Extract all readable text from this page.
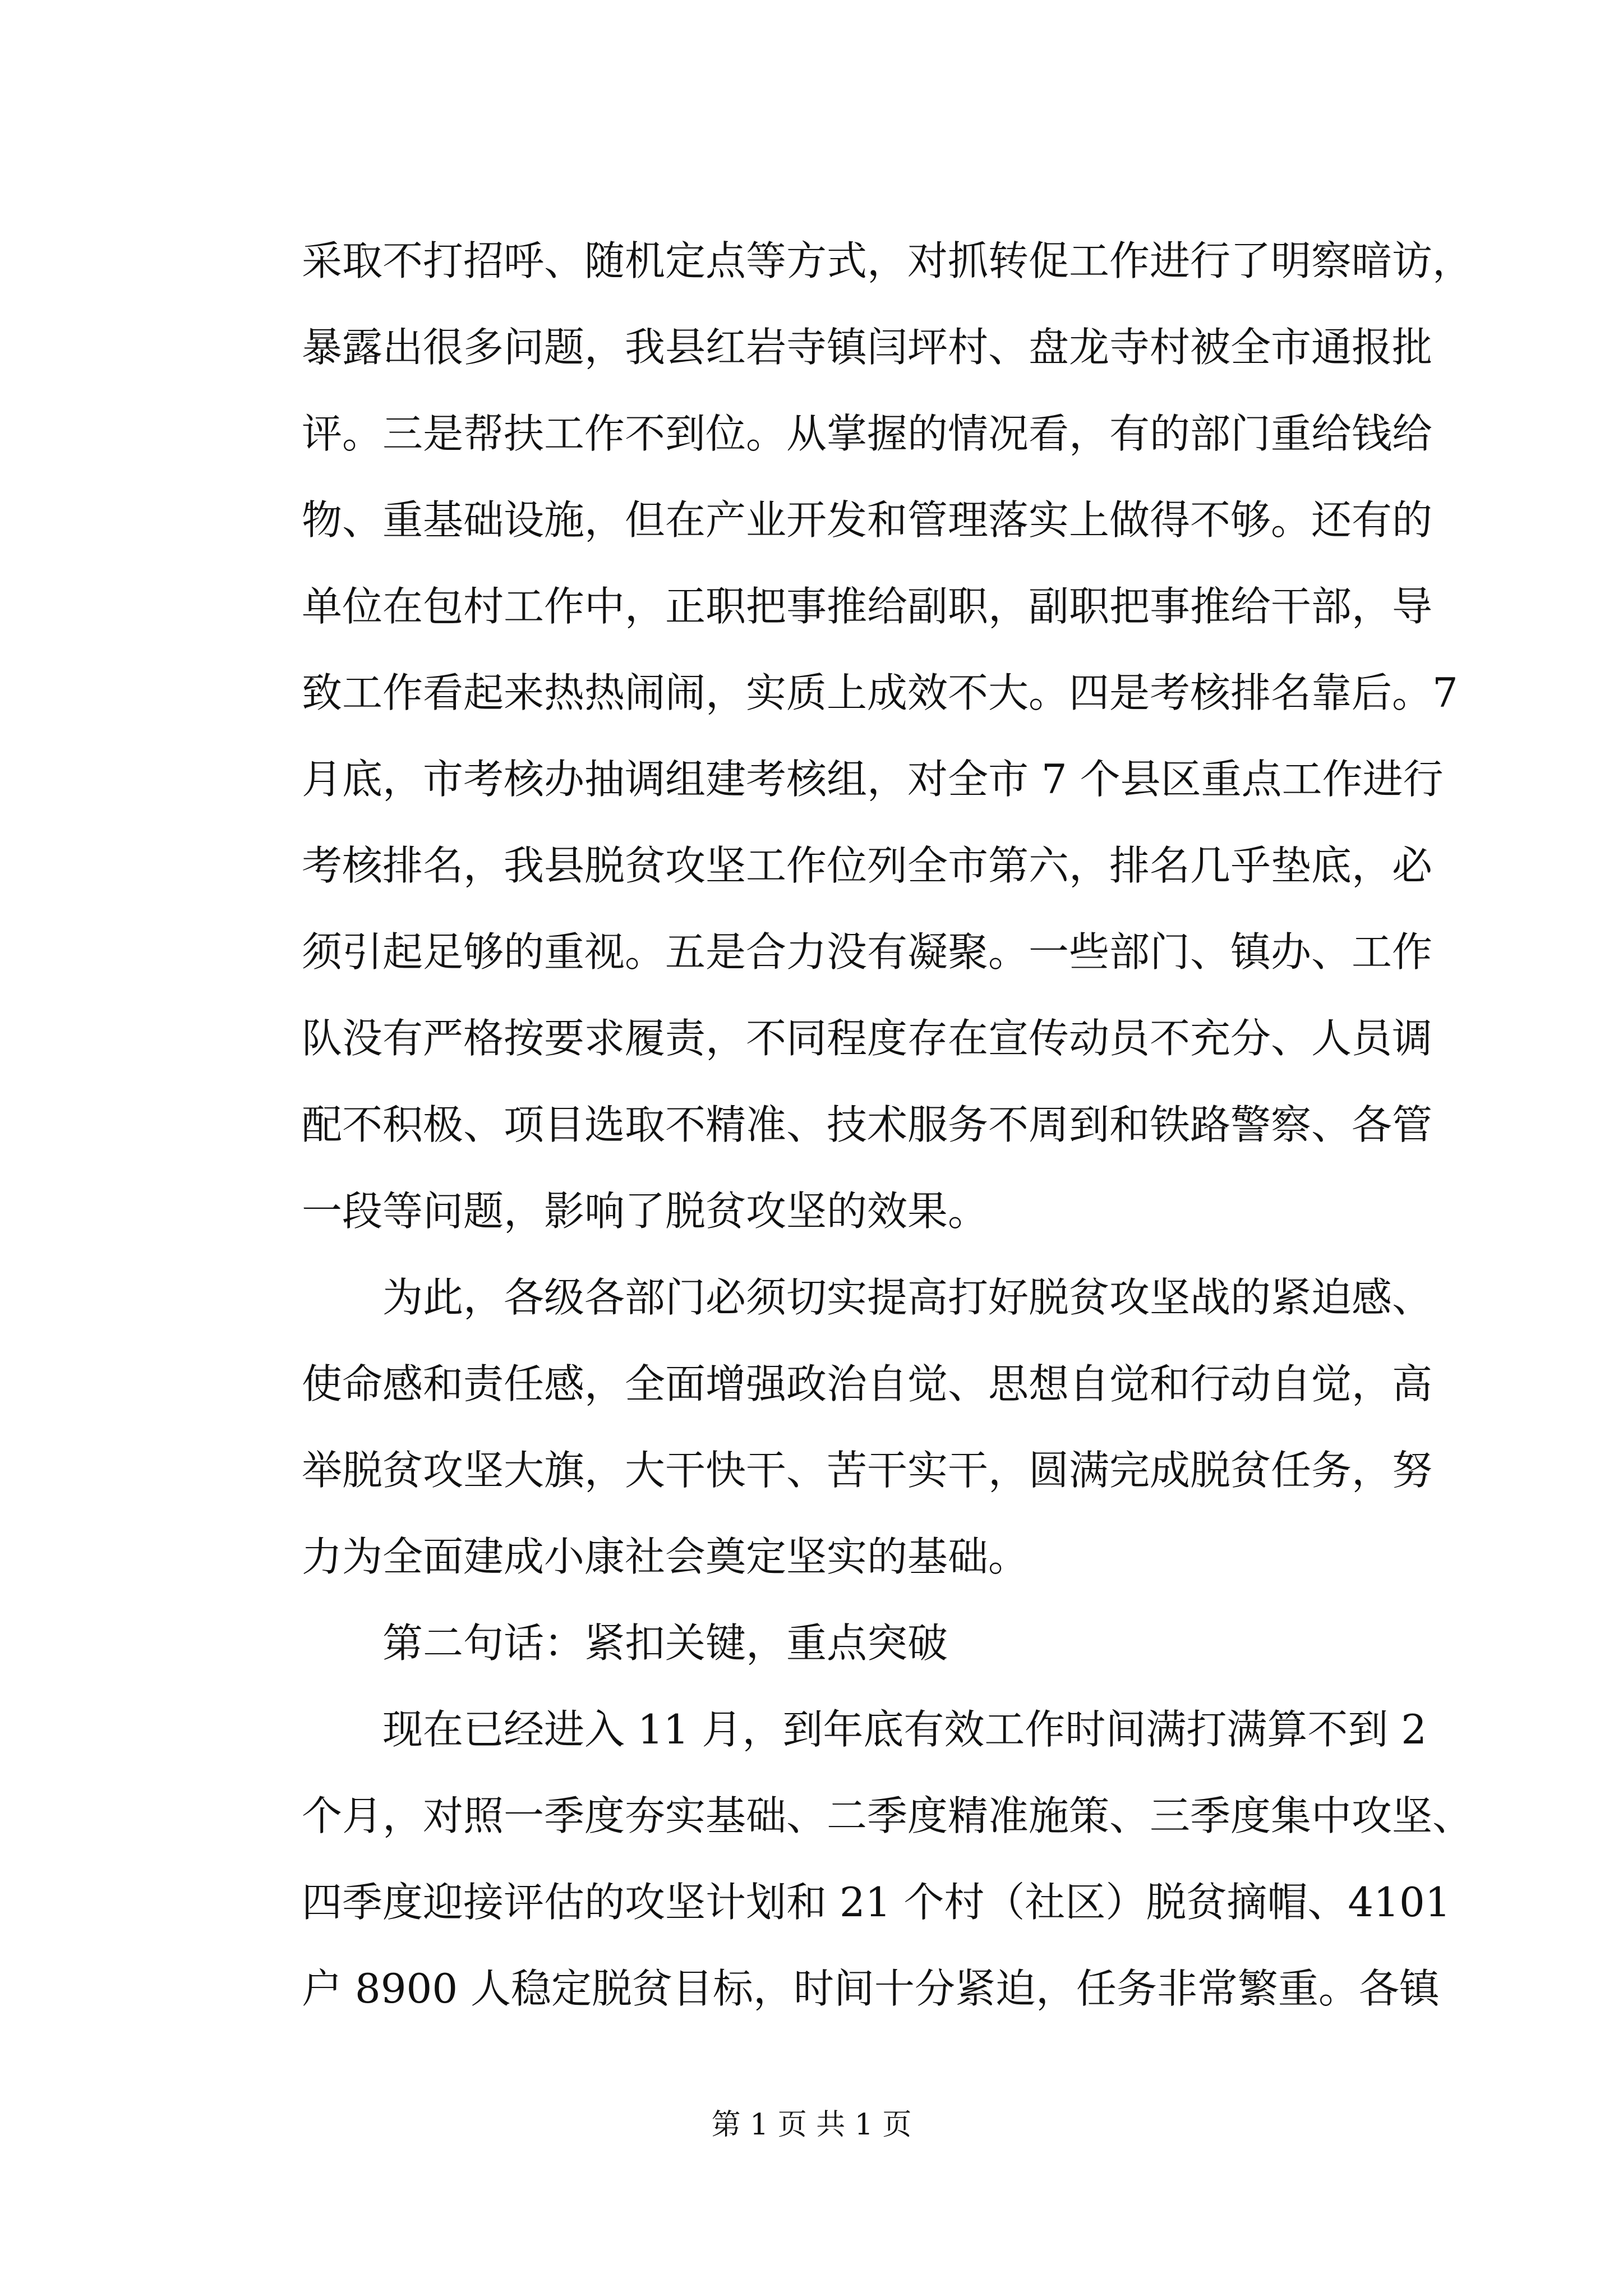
采取不打招呼、随机定点等方式，对抓转促工作进行了明察暗访，
暴露出很多问题，我县红岩寺镇闫坪村、盘龙寺村被全市通报批
评。三是帮扶工作不到位。从掌握的情况看，有的部门重给钱给
物、重基础设施，但在产业开发和管理落实上做得不够。还有的
单位在包村工作中，正职把事推给副职，副职把事推给干部，导
致工作看起来热热闹闹，实质上成效不大。四是考核排名靠后。7
月底，市考核办抽调组建考核组，对全市 7 个县区重点工作进行
考核排名，我县脱贫攻坚工作位列全市第六，排名几乎垫底，必
须引起足够的重视。五是合力没有凝聚。一些部门、镇办、工作
队没有严格按要求履责，不同程度存在宣传动员不充分、人员调
配不积极、项目选取不精准、技术服务不周到和铁路警察、各管
一段等问题，影响了脱贫攻坚的效果。
为此，各级各部门必须切实提高打好脱贫攻坚战的紧迫感、
使命感和责任感，全面增强政治自觉、思想自觉和行动自觉，高
举脱贫攻坚大旗，大干快干、苦干实干，圆满完成脱贫任务，努
力为全面建成小康社会奠定坚实的基础。
第二句话：紧扣关键，重点突破
现在已经进入 11 月，到年底有效工作时间满打满算不到 2
个月，对照一季度夯实基础、二季度精准施策、三季度集中攻坚、
四季度迎接评估的攻坚计划和 21 个村（社区）脱贫摘帽、4101
户 8900 人稳定脱贫目标，时间十分紧迫，任务非常繁重。各镇
第 1 页 共 1 页
